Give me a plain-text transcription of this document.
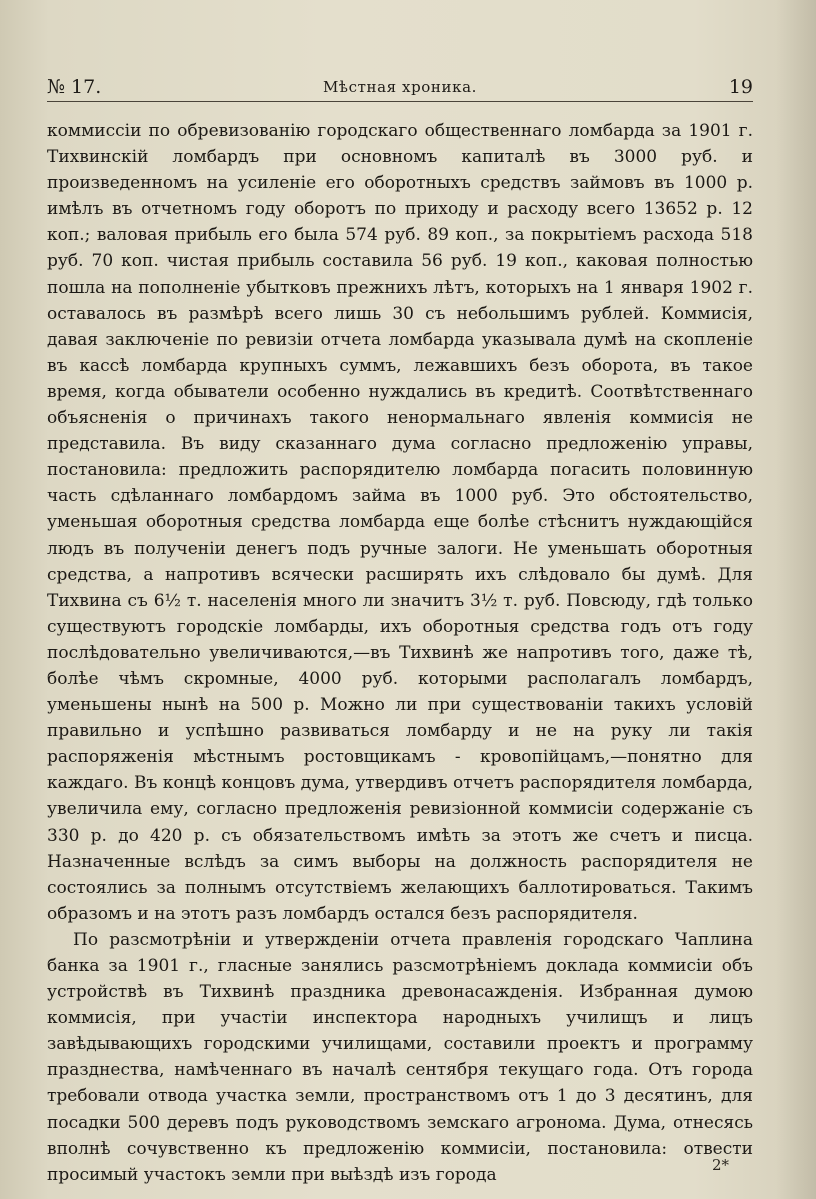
№ 17.	Мѣстная хроника.	19

коммиссiи по обревизованiю городскаго общественнаго ломбарда за 1901 г. Тихвинскiй ломбардъ при основномъ капиталѣ въ 3000 руб. и произведенномъ на усиленiе его оборотныхъ средствъ займовъ въ 1000 р. имѣлъ въ отчетномъ году оборотъ по приходу и расходу всего 13652 р. 12 коп.; валовая прибыль его была 574 руб. 89 коп., за покрытiемъ расхода 518 руб. 70 коп. чистая прибыль составила 56 руб. 19 коп., каковая полностью пошла на пополненiе убытковъ прежнихъ лѣтъ, которыхъ на 1 января 1902 г. оставалось въ размѣрѣ всего лишь 30 съ небольшимъ рублей. Коммисiя, давая заключенiе по ревизiи отчета ломбарда указывала думѣ на скопленiе въ кассѣ ломбарда крупныхъ суммъ, лежавшихъ безъ оборота, въ такое время, когда обыватели особенно нуждались въ кредитѣ. Соотвѣтственнаго объясненiя о причинахъ такого ненормальнаго явленiя коммисiя не представила. Въ виду сказаннаго дума согласно предложенiю управы, постановила: предложить распорядителю ломбарда погасить половинную часть сдѣланнаго ломбардомъ займа въ 1000 руб. Это обстоятельство, уменьшая оборотныя средства ломбарда еще болѣе стѣснитъ нуждающiйся людъ въ полученiи денегъ подъ ручные залоги. Не уменьшать оборотныя средства, а напротивъ всячески расширять ихъ слѣдовало бы думѣ. Для Тихвина съ 6½ т. населенiя много ли значитъ 3½ т. руб. Повсюду, гдѣ только существуютъ городскiе ломбарды, ихъ оборотныя средства годъ отъ году послѣдовательно увеличиваются,—въ Тихвинѣ же напротивъ того, даже тѣ, болѣе чѣмъ скромные, 4000 руб. которыми располагалъ ломбардъ, уменьшены нынѣ на 500 р. Можно ли при существованiи такихъ условiй правильно и успѣшно развиваться ломбарду и не на руку ли такiя распоряженiя мѣстнымъ ростовщикамъ - кровопiйцамъ,—понятно для каждаго. Въ концѣ концовъ дума, утвердивъ отчетъ распорядителя ломбарда, увеличила ему, согласно предложенiя ревизiонной коммисiи содержанiе съ 330 р. до 420 р. съ обязательствомъ имѣть за этотъ же счетъ и писца. Назначенные вслѣдъ за симъ выборы на должность распорядителя не состоялись за полнымъ отсутствiемъ желающихъ баллотироваться. Такимъ образомъ и на этотъ разъ ломбардъ остался безъ распорядителя.

По разсмотрѣнiи и утвержденiи отчета правленiя городскаго Чаплина банка за 1901 г., гласные занялись разсмотрѣнiемъ доклада коммисiи объ устройствѣ въ Тихвинѣ праздника древонасажденiя. Избранная думою коммисiя, при участiи инспектора народныхъ училищъ и лицъ завѣдывающихъ городскими училищами, составили проектъ и программу празднества, намѣченнаго въ началѣ сентября текущаго года. Отъ города требовали отвода участка земли, пространствомъ отъ 1 до 3 десятинъ, для посадки 500 деревъ подъ руководствомъ земскаго агронома. Дума, отнесясь вполнѣ сочувственно къ предложенiю коммисiи, постановила: отвести просимый участокъ земли при выѣздѣ изъ города	2*
